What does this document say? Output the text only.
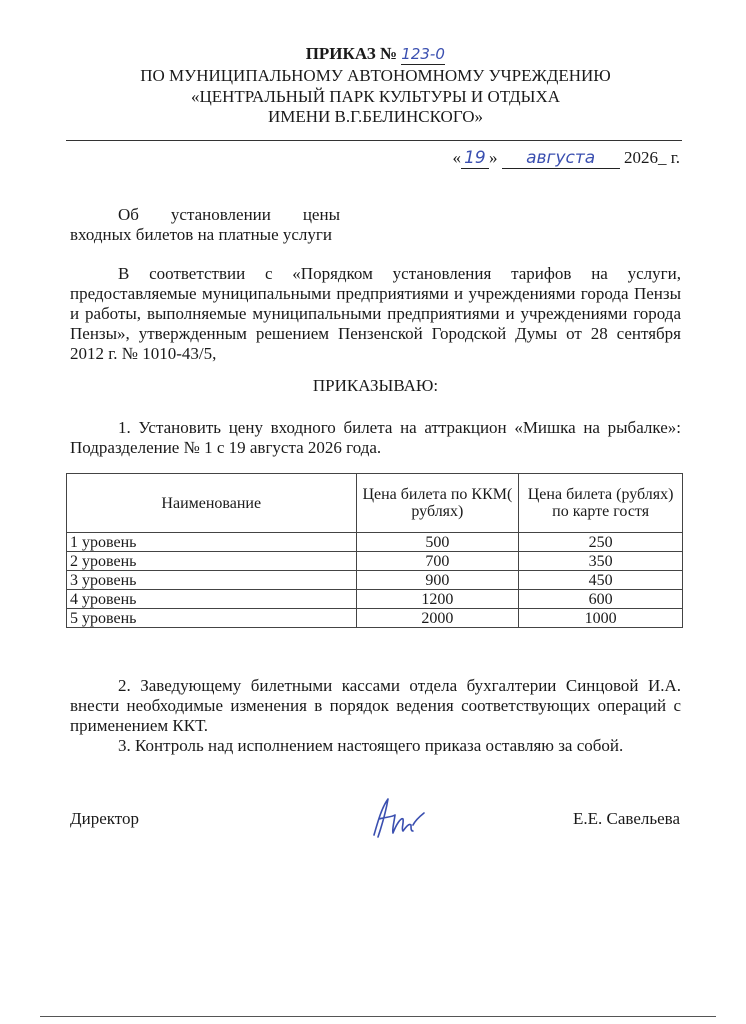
ПРИКАЗ № 123-0
ПО МУНИЦИПАЛЬНОМУ АВТОНОМНОМУ УЧРЕЖДЕНИЮ
«ЦЕНТРАЛЬНЫЙ ПАРК КУЛЬТУРЫ И ОТДЫХА
ИМЕНИ В.Г.БЕЛИНСКОГО»
« 19 » августа 2026_ г.
Об установлении цены
входных билетов на платные услуги
В соответствии с «Порядком установления тарифов на услуги, предоставляемые муниципальными предприятиями и учреждениями города Пензы и работы, выполняемые муниципальными предприятиями и учреждениями города Пензы», утвержденным решением Пензенской Городской Думы от 28 сентября 2012 г. № 1010-43/5,
ПРИКАЗЫВАЮ:
1. Установить цену входного билета на аттракцион «Мишка на рыбалке»: Подразделение № 1 с 19 августа 2026 года.
Наименование	Цена билета по ККМ( рублях)	Цена билета (рублях) по карте гостя
1 уровень	500	250
2 уровень	700	350
3 уровень	900	450
4 уровень	1200	600
5 уровень	2000	1000
2. Заведующему билетными кассами отдела бухгалтерии Синцовой И.А. внести необходимые изменения в порядок ведения соответствующих операций с применением ККТ.
3. Контроль над исполнением настоящего приказа оставляю за собой.
Директор	Е.Е. Савельева
